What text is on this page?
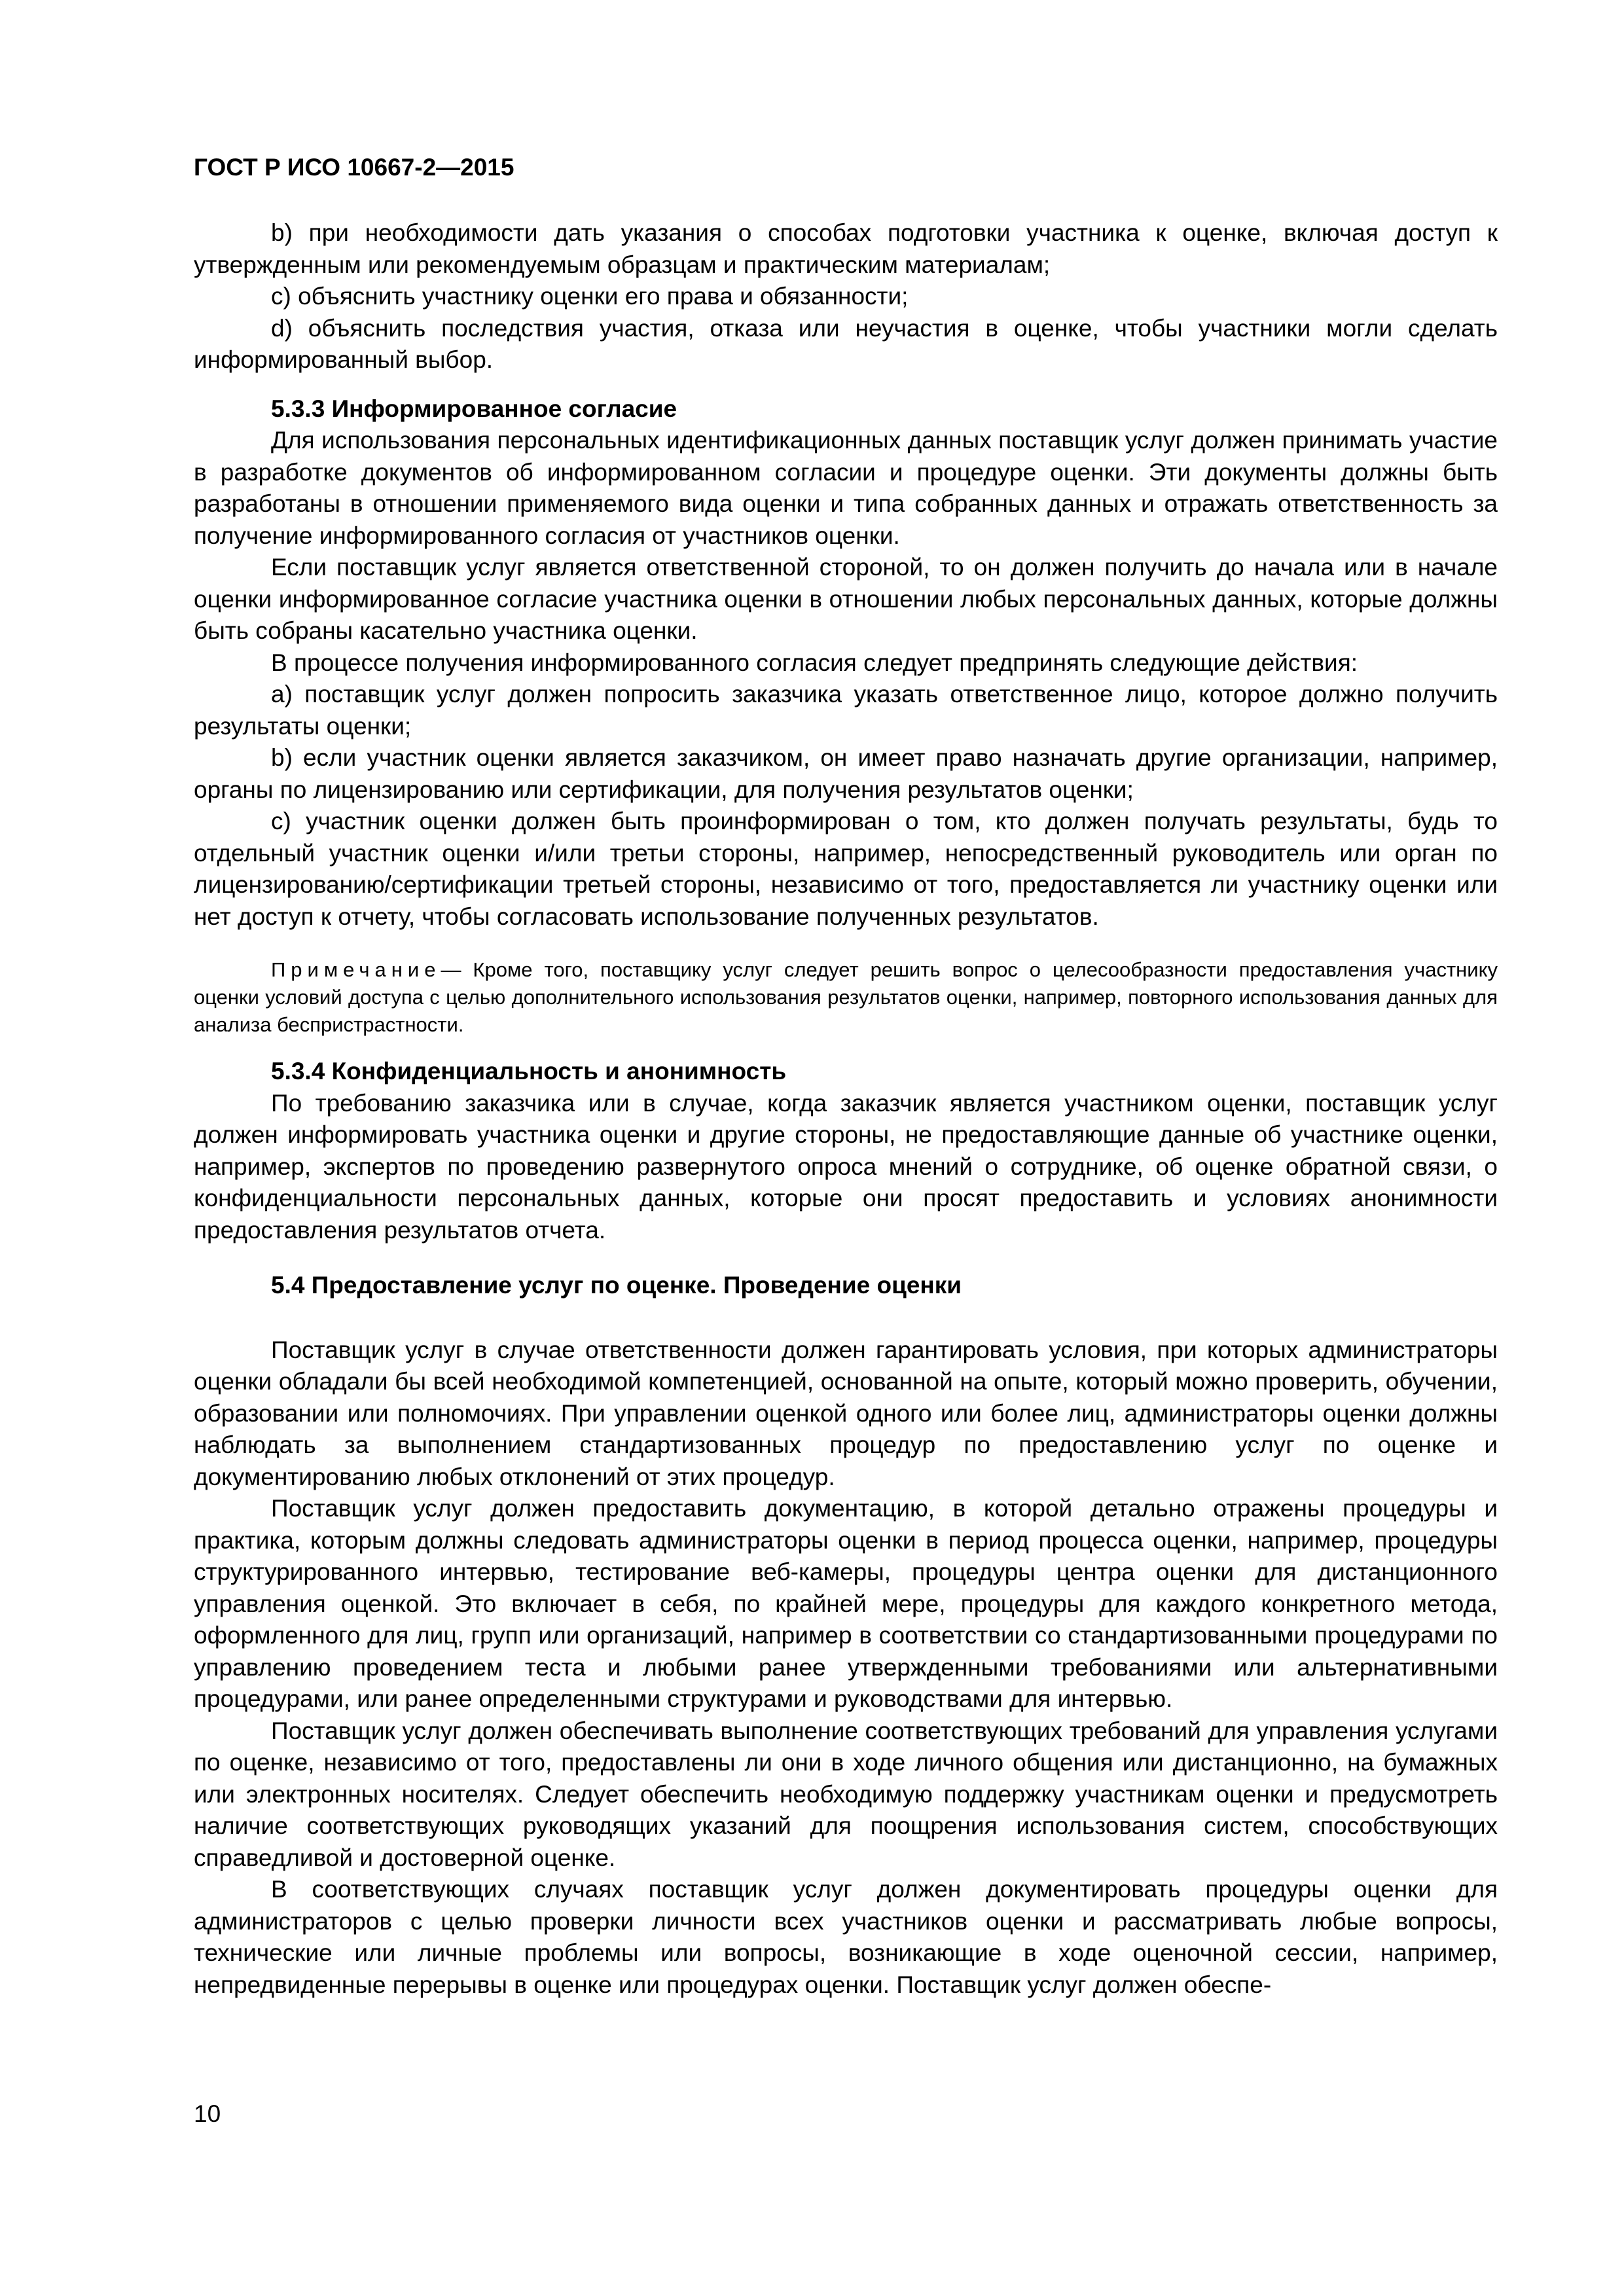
ГОСТ Р ИСО 10667-2—2015

b) при необходимости дать указания о способах подготовки участника к оценке, включая доступ к утвержденным или рекомендуемым образцам и практическим материалам;

c) объяснить участнику оценки его права и обязанности;

d) объяснить последствия участия, отказа или неучастия в оценке, чтобы участники могли сделать информированный выбор.

5.3.3 Информированное согласие

Для использования персональных идентификационных данных поставщик услуг должен принимать участие в разработке документов об информированном согласии и процедуре оценки. Эти документы должны быть разработаны в отношении применяемого вида оценки и типа собранных данных и отражать ответственность за получение информированного согласия от участников оценки.

Если поставщик услуг является ответственной стороной, то он должен получить до начала или в начале оценки информированное согласие участника оценки в отношении любых персональных данных, которые должны быть собраны касательно участника оценки.

В процессе получения информированного согласия следует предпринять следующие действия:

a) поставщик услуг должен попросить заказчика указать ответственное лицо, которое должно получить результаты оценки;

b) если участник оценки является заказчиком, он имеет право назначать другие организации, например, органы по лицензированию или сертификации, для получения результатов оценки;

c) участник оценки должен быть проинформирован о том, кто должен получать результаты, будь то отдельный участник оценки и/или третьи стороны, например, непосредственный руководитель или орган по лицензированию/сертификации третьей стороны, независимо от того, предоставляется ли участнику оценки или нет доступ к отчету, чтобы согласовать использование полученных результатов.

Примечание— Кроме того, поставщику услуг следует решить вопрос о целесообразности предоставления участнику оценки условий доступа с целью дополнительного использования результатов оценки, например, повторного использования данных для анализа беспристрастности.

5.3.4 Конфиденциальность и анонимность

По требованию заказчика или в случае, когда заказчик является участником оценки, поставщик услуг должен информировать участника оценки и другие стороны, не предоставляющие данные об участнике оценки, например, экспертов по проведению развернутого опроса мнений о сотруднике, об оценке обратной связи, о конфиденциальности персональных данных, которые они просят предоставить и условиях анонимности предоставления результатов отчета.

5.4 Предоставление услуг по оценке. Проведение оценки

Поставщик услуг в случае ответственности должен гарантировать условия, при которых администраторы оценки обладали бы всей необходимой компетенцией, основанной на опыте, который можно проверить, обучении, образовании или полномочиях. При управлении оценкой одного или более лиц, администраторы оценки должны наблюдать за выполнением стандартизованных процедур по предоставлению услуг по оценке и документированию любых отклонений от этих процедур.

Поставщик услуг должен предоставить документацию, в которой детально отражены процедуры и практика, которым должны следовать администраторы оценки в период процесса оценки, например, процедуры структурированного интервью, тестирование веб-камеры, процедуры центра оценки для дистанционного управления оценкой. Это включает в себя, по крайней мере, процедуры для каждого конкретного метода, оформленного для лиц, групп или организаций, например в соответствии со стандартизованными процедурами по управлению проведением теста и любыми ранее утвержденными требованиями или альтернативными процедурами, или ранее определенными структурами и руководствами для интервью.

Поставщик услуг должен обеспечивать выполнение соответствующих требований для управления услугами по оценке, независимо от того, предоставлены ли они в ходе личного общения или дистанционно, на бумажных или электронных носителях. Следует обеспечить необходимую поддержку участникам оценки и предусмотреть наличие соответствующих руководящих указаний для поощрения использования систем, способствующих справедливой и достоверной оценке.

В соответствующих случаях поставщик услуг должен документировать процедуры оценки для администраторов с целью проверки личности всех участников оценки и рассматривать любые вопросы, технические или личные проблемы или вопросы, возникающие в ходе оценочной сессии, например, непредвиденные перерывы в оценке или процедурах оценки. Поставщик услуг должен обеспе-

10
